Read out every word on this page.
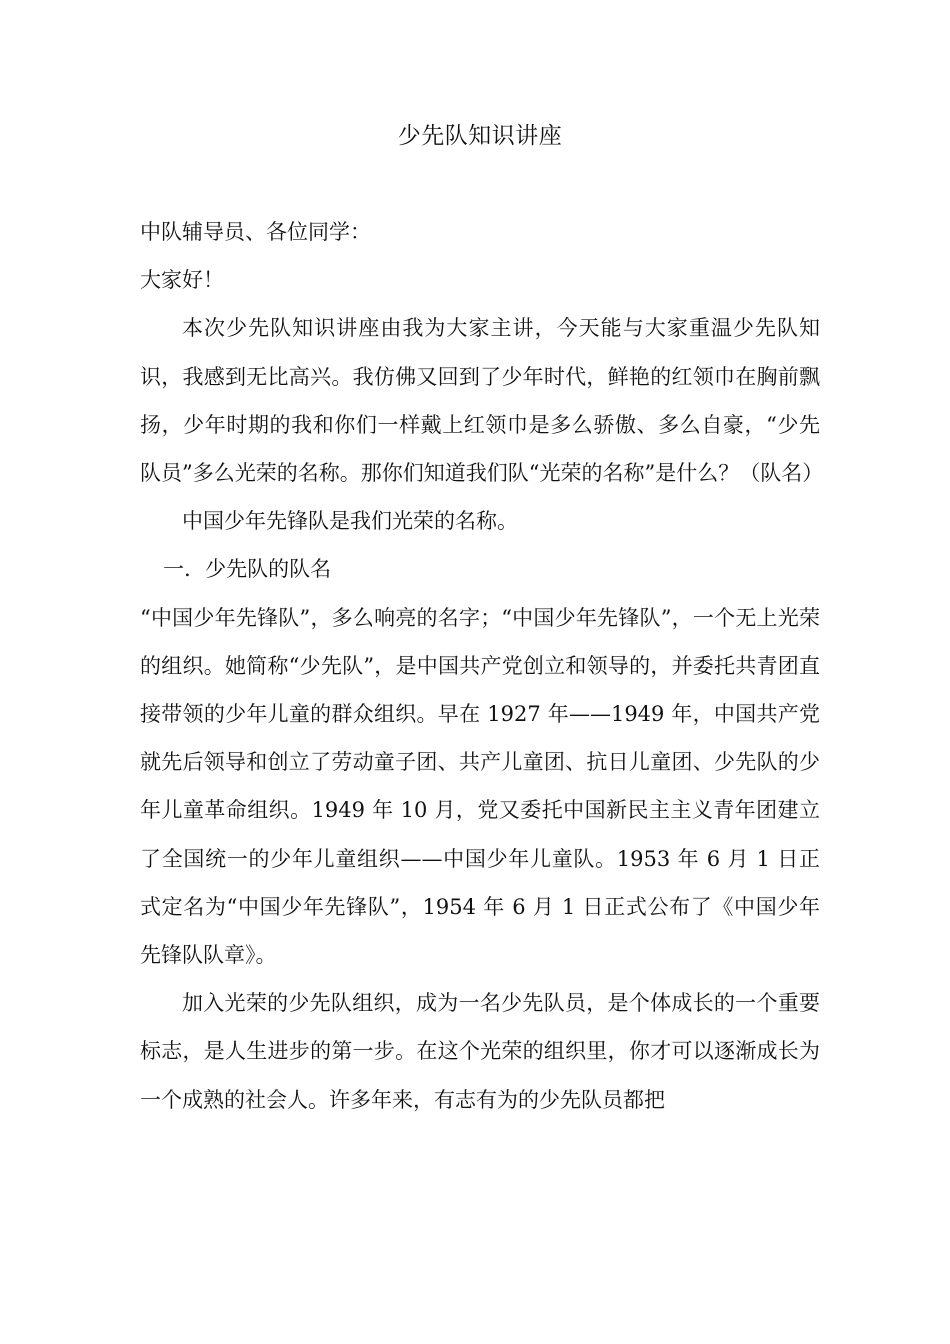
少先队知识讲座

中队辅导员、各位同学：

大家好！

本次少先队知识讲座由我为大家主讲，今天能与大家重温少先队知识，我感到无比高兴。我仿佛又回到了少年时代，鲜艳的红领巾在胸前飘扬，少年时期的我和你们一样戴上红领巾是多么骄傲、多么自豪，“少先队员”多么光荣的名称。那你们知道我们队“光荣的名称”是什么？（队名）

中国少年先锋队是我们光荣的名称。

一．少先队的队名

“中国少年先锋队”，多么响亮的名字；“中国少年先锋队”，一个无上光荣的组织。她简称“少先队”，是中国共产党创立和领导的，并委托共青团直接带领的少年儿童的群众组织。早在 1927 年——1949 年，中国共产党就先后领导和创立了劳动童子团、共产儿童团、抗日儿童团、少先队的少年儿童革命组织。1949 年 10 月，党又委托中国新民主主义青年团建立了全国统一的少年儿童组织——中国少年儿童队。1953 年 6 月 1 日正式定名为“中国少年先锋队”，1954 年 6 月 1 日正式公布了《中国少年先锋队队章》。

加入光荣的少先队组织，成为一名少先队员，是个体成长的一个重要标志，是人生进步的第一步。在这个光荣的组织里，你才可以逐渐成长为一个成熟的社会人。许多年来，有志有为的少先队员都把
